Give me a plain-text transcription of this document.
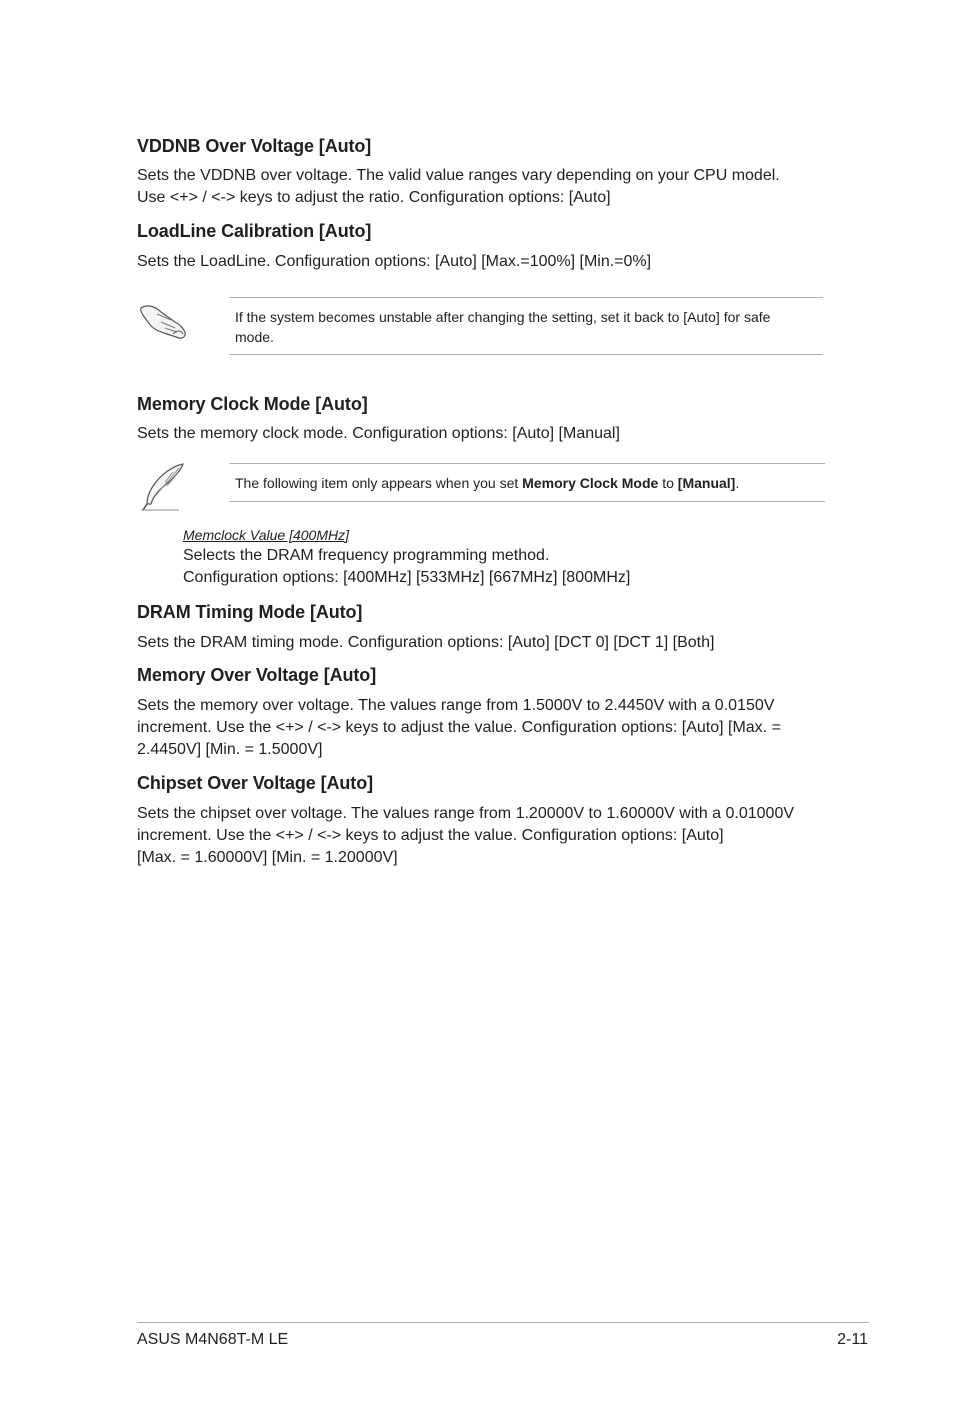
VDDNB Over Voltage [Auto]
Sets the VDDNB over voltage. The valid value ranges vary depending on your CPU model.
Use <+> / <-> keys to adjust the ratio. Configuration options: [Auto]
LoadLine Calibration [Auto]
Sets the LoadLine. Configuration options: [Auto] [Max.=100%] [Min.=0%]
If the system becomes unstable after changing the setting, set it back to [Auto] for safe
mode.
Memory Clock Mode [Auto]
Sets the memory clock mode. Configuration options: [Auto] [Manual]
The following item only appears when you set Memory Clock Mode to [Manual].
Memclock Value [400MHz]
Selects the DRAM frequency programming method.
Configuration options: [400MHz] [533MHz] [667MHz] [800MHz]
DRAM Timing Mode [Auto]
Sets the DRAM timing mode. Configuration options: [Auto] [DCT 0] [DCT 1] [Both]
Memory Over Voltage [Auto]
Sets the memory over voltage. The values range from 1.5000V to 2.4450V with a 0.0150V
increment. Use the <+> / <-> keys to adjust the value. Configuration options: [Auto] [Max. =
2.4450V] [Min. = 1.5000V]
Chipset Over Voltage [Auto]
Sets the chipset over voltage. The values range from 1.20000V to 1.60000V with a 0.01000V
increment. Use the <+> / <-> keys to adjust the value. Configuration options: [Auto]
[Max. = 1.60000V] [Min. = 1.20000V]
ASUS M4N68T-M LE	2-11
